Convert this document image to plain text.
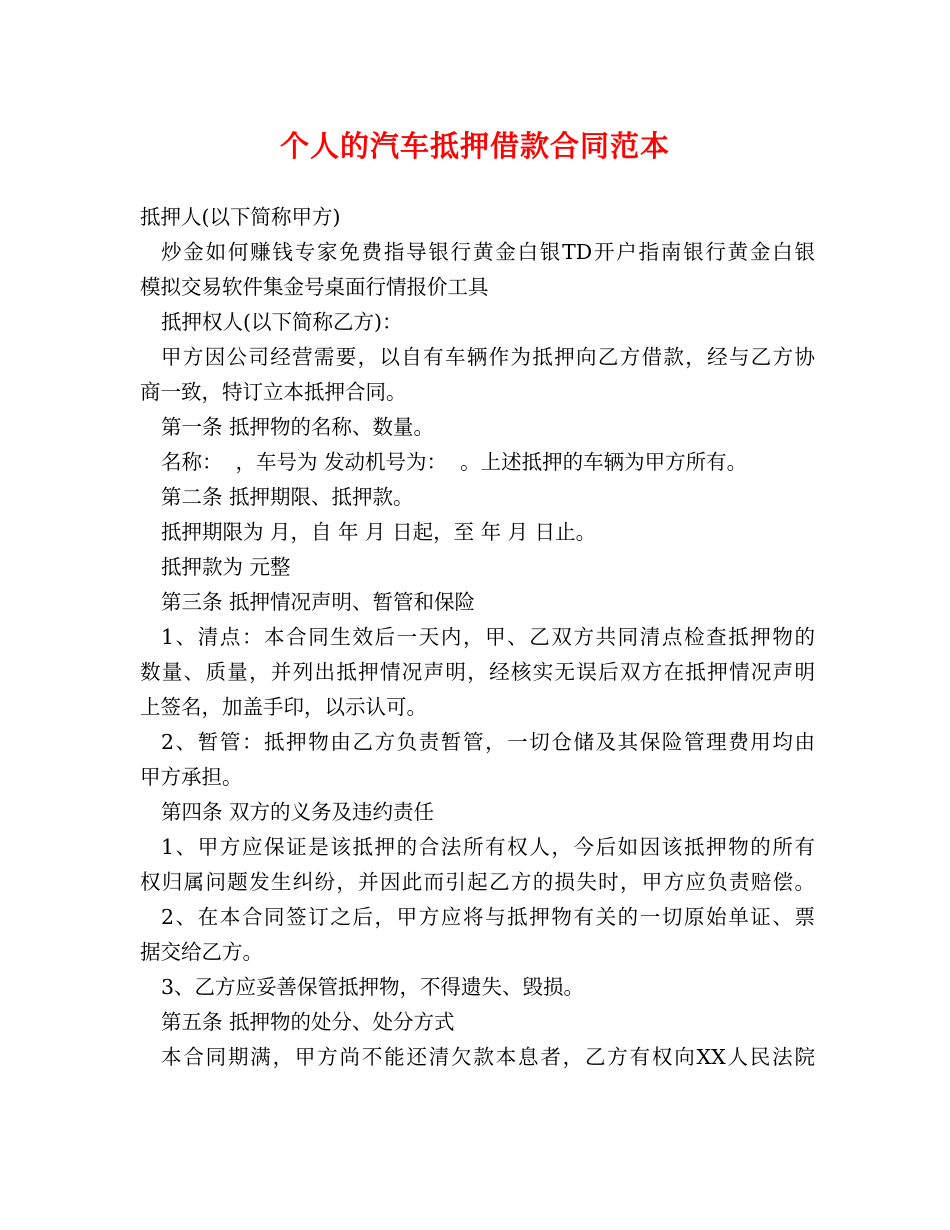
个人的汽车抵押借款合同范本
抵押人(以下简称甲方)
炒金如何赚钱专家免费指导银行黄金白银TD开户指南银行黄金白银
模拟交易软件集金号桌面行情报价工具
抵押权人(以下简称乙方)：
甲方因公司经营需要，以自有车辆作为抵押向乙方借款，经与乙方协
商一致，特订立本抵押合同。
第一条 抵押物的名称、数量。
名称：  ，车号为 发动机号为：  。上述抵押的车辆为甲方所有。
第二条 抵押期限、抵押款。
抵押期限为 月，自 年 月 日起，至 年 月 日止。
抵押款为 元整
第三条 抵押情况声明、暂管和保险
1、清点：本合同生效后一天内，甲、乙双方共同清点检查抵押物的
数量、质量，并列出抵押情况声明，经核实无误后双方在抵押情况声明
上签名，加盖手印，以示认可。
2、暂管：抵押物由乙方负责暂管，一切仓储及其保险管理费用均由
甲方承担。
第四条 双方的义务及违约责任
1、甲方应保证是该抵押的合法所有权人，今后如因该抵押物的所有
权归属问题发生纠纷，并因此而引起乙方的损失时，甲方应负责赔偿。
2、在本合同签订之后，甲方应将与抵押物有关的一切原始单证、票
据交给乙方。
3、乙方应妥善保管抵押物，不得遗失、毁损。
第五条 抵押物的处分、处分方式
本合同期满，甲方尚不能还清欠款本息者，乙方有权向XX人民法院
